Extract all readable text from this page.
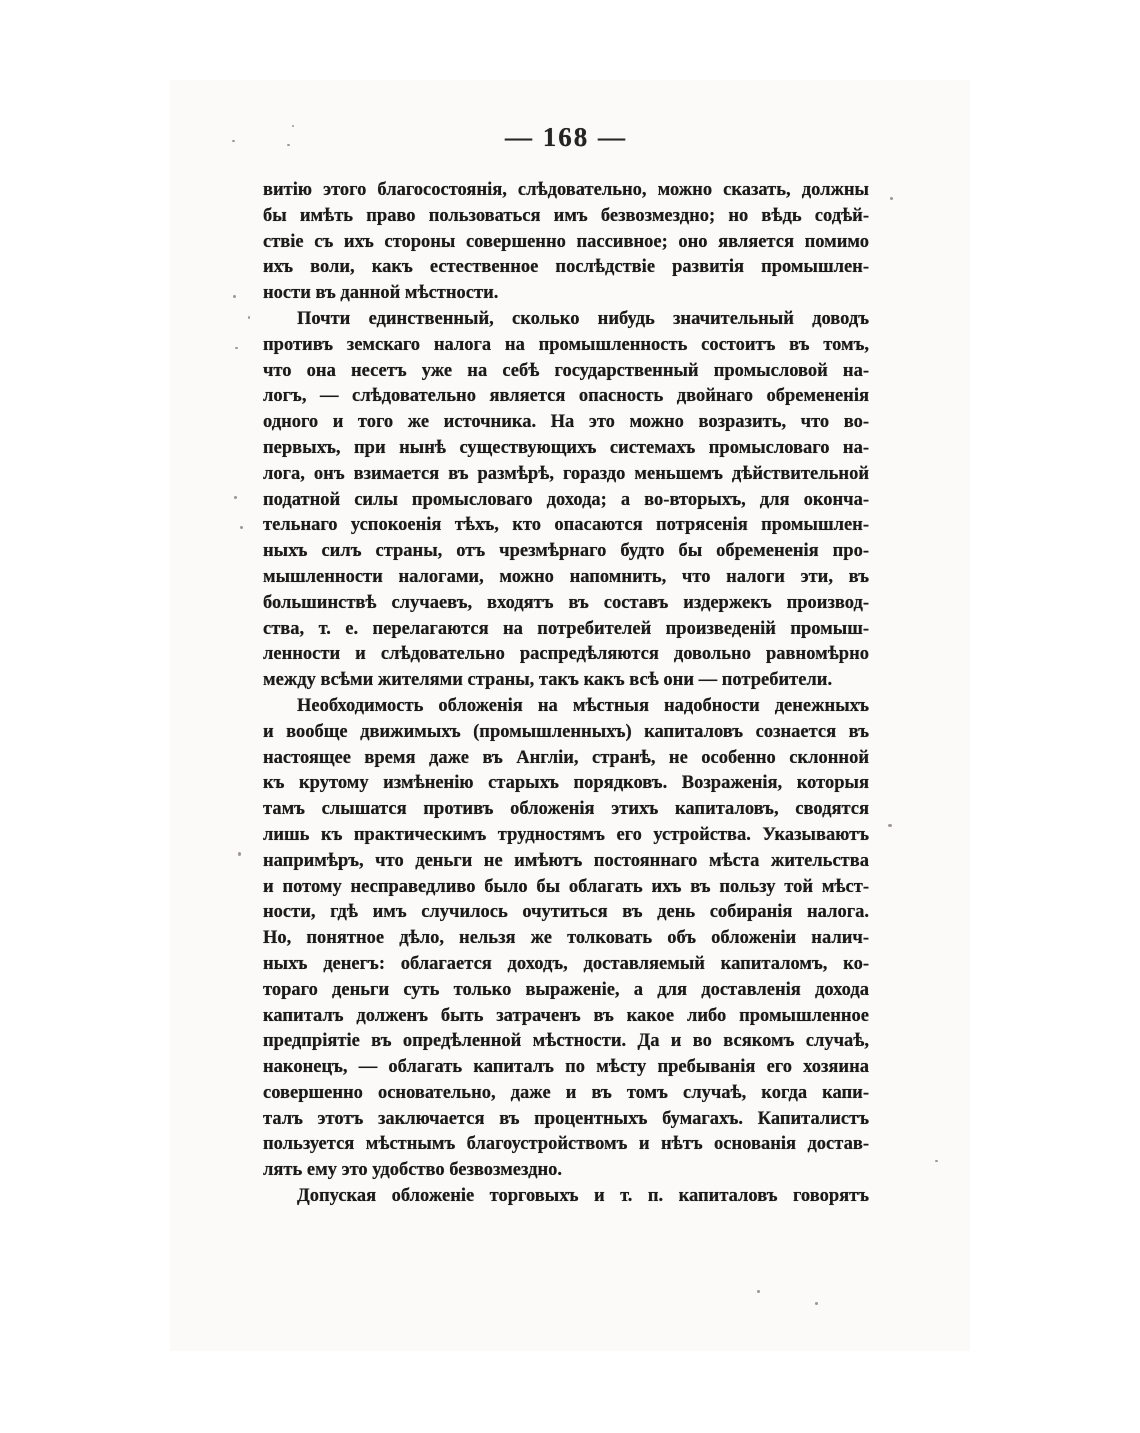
— 168 —
витію этого благосостоянія, слѣдовательно, можно сказать, должны
бы имѣть право пользоваться имъ безвозмездно; но вѣдь содѣй-
ствіе съ ихъ стороны совершенно пассивное; оно является помимо
ихъ воли, какъ естественное послѣдствіе развитія промышлен-
ности въ данной мѣстности.
Почти единственный, сколько нибудь значительный доводъ
противъ земскаго налога на промышленность состоитъ въ томъ,
что она несетъ уже на себѣ государственный промысловой на-
логъ, — слѣдовательно является опасность двойнаго обремененія
одного и того же источника. На это можно возразить, что во-
первыхъ, при нынѣ существующихъ системахъ промысловаго на-
лога, онъ взимается въ размѣрѣ, гораздо меньшемъ дѣйствительной
податной силы промысловаго дохода; а во-вторыхъ, для оконча-
тельнаго успокоенія тѣхъ, кто опасаются потрясенія промышлен-
ныхъ силъ страны, отъ чрезмѣрнаго будто бы обремененія про-
мышленности налогами, можно напомнить, что налоги эти, въ
большинствѣ случаевъ, входятъ въ составъ издержекъ производ-
ства, т. е. перелагаются на потребителей произведеній промыш-
ленности и слѣдовательно распредѣляются довольно равномѣрно
между всѣми жителями страны, такъ какъ всѣ они — потребители.
Необходимость обложенія на мѣстныя надобности денежныхъ
и вообще движимыхъ (промышленныхъ) капиталовъ сознается въ
настоящее время даже въ Англіи, странѣ, не особенно склонной
къ крутому измѣненію старыхъ порядковъ. Возраженія, которыя
тамъ слышатся противъ обложенія этихъ капиталовъ, сводятся
лишь къ практическимъ трудностямъ его устройства. Указываютъ
напримѣръ, что деньги не имѣютъ постояннаго мѣста жительства
и потому несправедливо было бы облагать ихъ въ пользу той мѣст-
ности, гдѣ имъ случилось очутиться въ день собиранія налога.
Но, понятное дѣло, нельзя же толковать объ обложеніи налич-
ныхъ денегъ: облагается доходъ, доставляемый капиталомъ, ко-
тораго деньги суть только выраженіе, а для доставленія дохода
капиталъ долженъ быть затраченъ въ какое либо промышленное
предпріятіе въ опредѣленной мѣстности. Да и во всякомъ случаѣ,
наконецъ, — облагать капиталъ по мѣсту пребыванія его хозяина
совершенно основательно, даже и въ томъ случаѣ, когда капи-
талъ этотъ заключается въ процентныхъ бумагахъ. Капиталистъ
пользуется мѣстнымъ благоустройствомъ и нѣтъ основанія достав-
лять ему это удобство безвозмездно.
Допуская обложеніе торговыхъ и т. п. капиталовъ говорятъ
